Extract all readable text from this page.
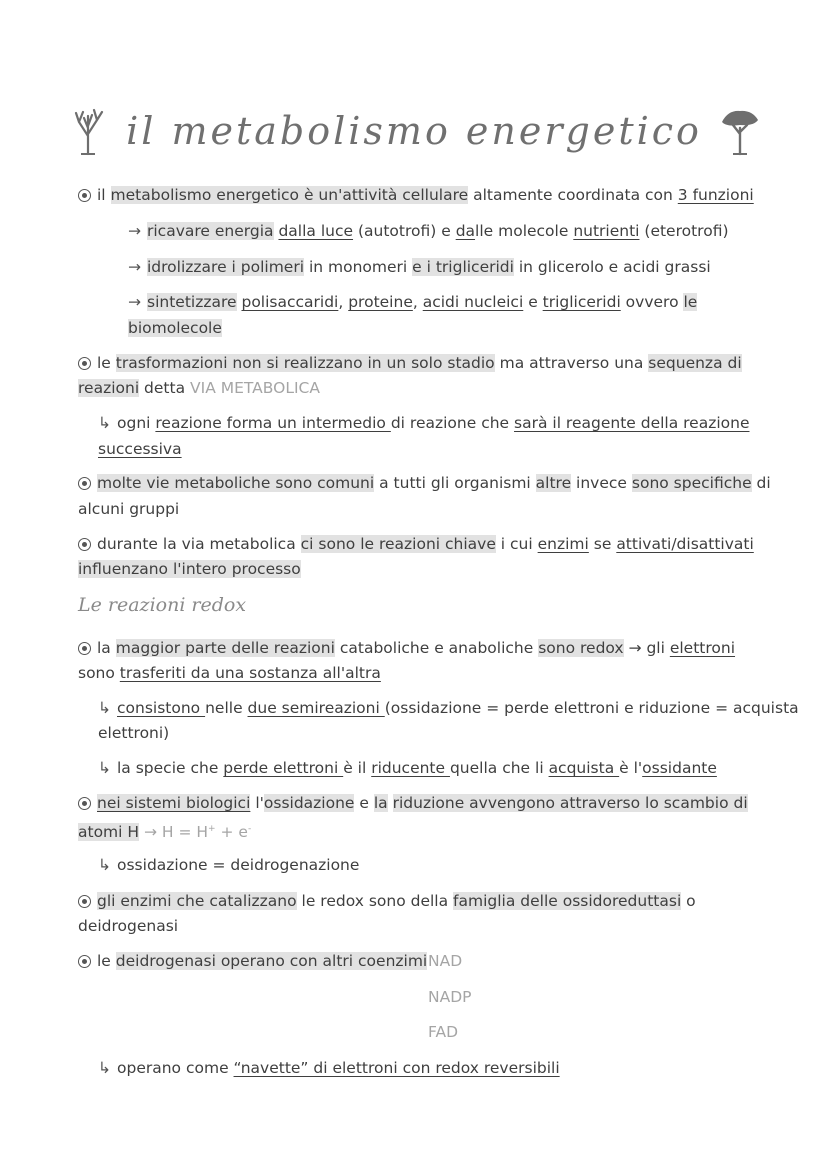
il metabolismo energetico
il metabolismo energetico è un'attività cellulare altamente coordinata con 3 funzioni
→ ricavare energia dalla luce (autotrofi) e dalle molecole nutrienti (eterotrofi)
→ idrolizzare i polimeri in monomeri e i trigliceridi in glicerolo e acidi grassi
→ sintetizzare polisaccaridi, proteine, acidi nucleici e trigliceridi ovvero le
biomolecole
le trasformazioni non si realizzano in un solo stadio ma attraverso una sequenza di
reazioni detta VIA METABOLICA
↳ ogni reazione forma un intermedio di reazione che sarà il reagente della reazione
successiva
molte vie metaboliche sono comuni a tutti gli organismi altre invece sono specifiche di
alcuni gruppi
durante la via metabolica ci sono le reazioni chiave i cui enzimi se attivati/disattivati
influenzano l'intero processo
Le reazioni redox
la maggior parte delle reazioni cataboliche e anaboliche sono redox → gli elettroni
sono trasferiti da una sostanza all'altra
↳ consistono nelle due semireazioni (ossidazione = perde elettroni e riduzione = acquista
elettroni)
↳ la specie che perde elettroni è il riducente quella che li acquista è l'ossidante
nei sistemi biologici l'ossidazione e la riduzione avvengono attraverso lo scambio di
atomi H → H = H+ + e-
↳ ossidazione = deidrogenazione
gli enzimi che catalizzano le redox sono della famiglia delle ossidoreduttasi o
deidrogenasi
le deidrogenasi operano con altri coenzimi NAD
NADP
FAD
↳ operano come “navette” di elettroni con redox reversibili
